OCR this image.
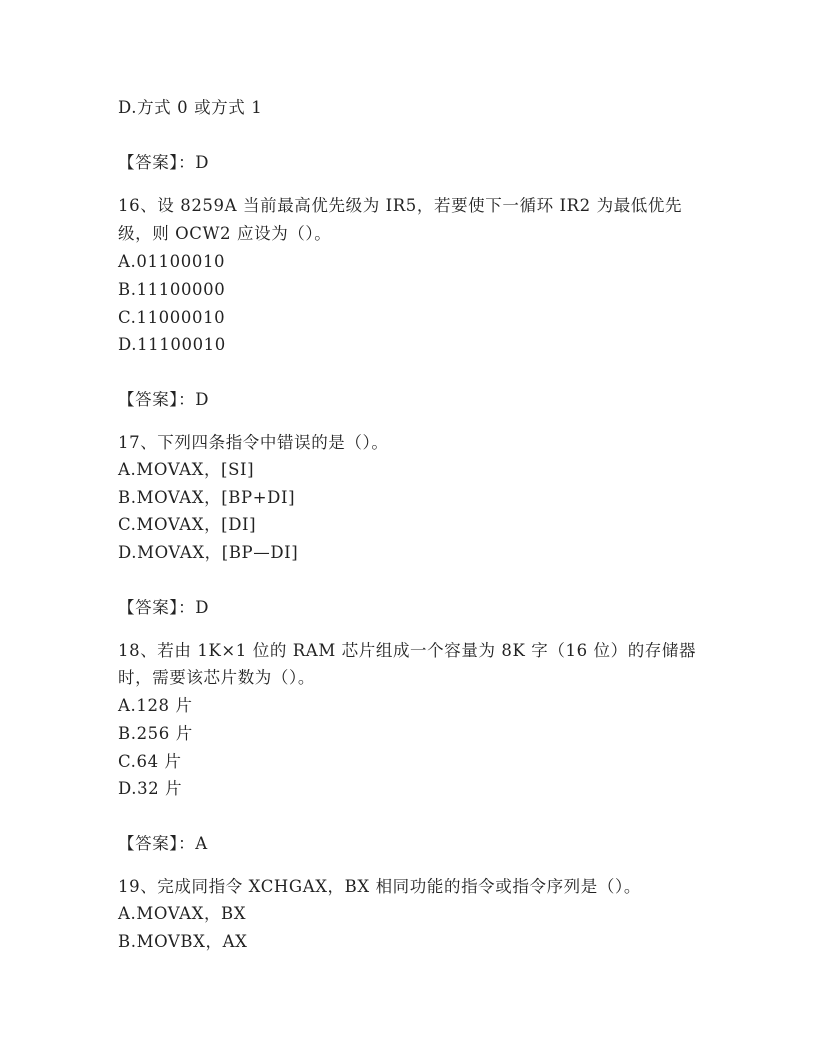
D.方式 0 或方式 1

【答案】：D

16、设 8259A 当前最高优先级为 IR5，若要使下一循环 IR2 为最低优先

级，则 OCW2 应设为（）。

A.01100010

B.11100000

C.11000010

D.11100010

【答案】：D

17、下列四条指令中错误的是（）。

A.MOVAX，[SI]

B.MOVAX，[BP+DI]

C.MOVAX，[DI]

D.MOVAX，[BP—DI]

【答案】：D

18、若由 1K×1 位的 RAM 芯片组成一个容量为 8K 字（16 位）的存储器

时，需要该芯片数为（）。

A.128 片

B.256 片

C.64 片

D.32 片

【答案】：A

19、完成同指令 XCHGAX，BX 相同功能的指令或指令序列是（）。

A.MOVAX，BX

B.MOVBX，AX
